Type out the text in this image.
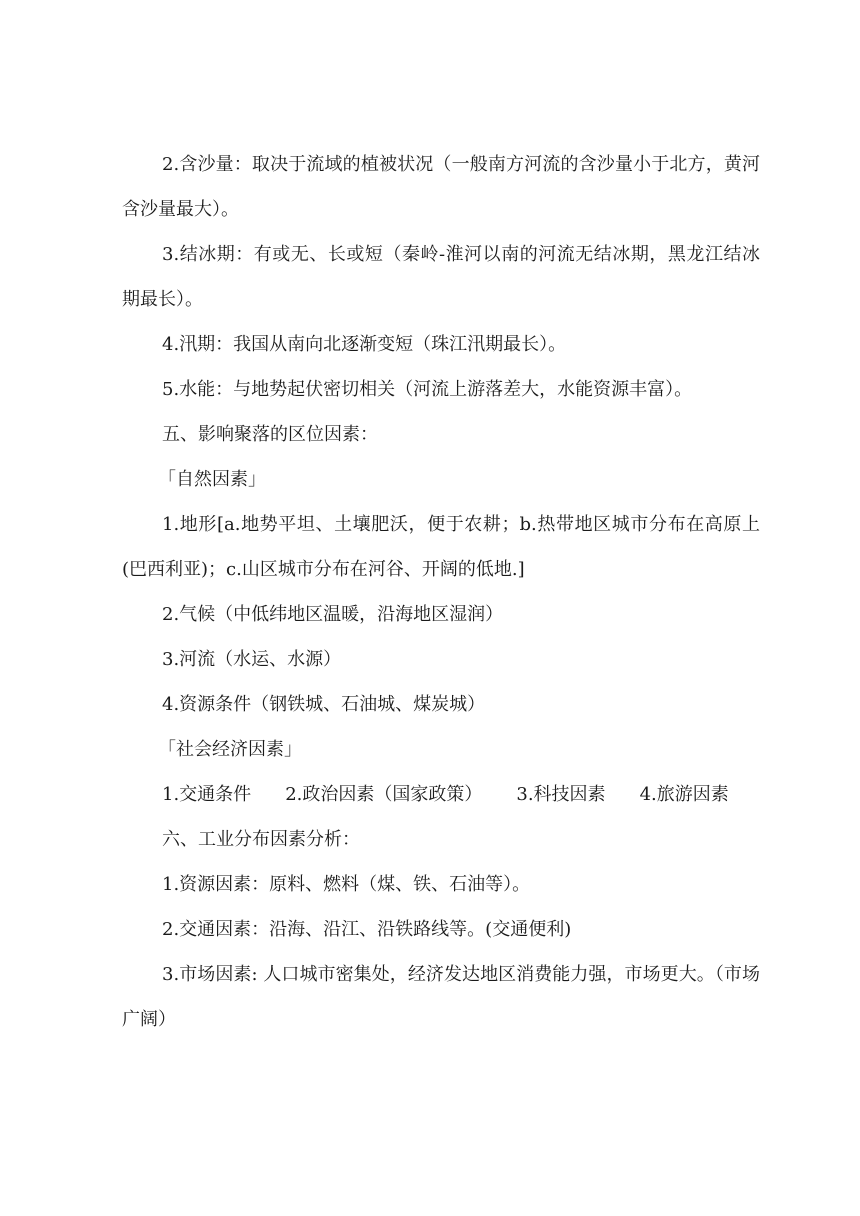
2.含沙量：取决于流域的植被状况（一般南方河流的含沙量小于北方，黄河含沙量最大）。

3.结冰期：有或无、长或短（秦岭-淮河以南的河流无结冰期，黑龙江结冰期最长）。

4.汛期：我国从南向北逐渐变短（珠江汛期最长）。

5.水能：与地势起伏密切相关（河流上游落差大，水能资源丰富）。

五、影响聚落的区位因素：

「自然因素」

1.地形[a.地势平坦、土壤肥沃，便于农耕；b.热带地区城市分布在高原上(巴西利亚)；c.山区城市分布在河谷、开阔的低地.]

2.气候（中低纬地区温暖，沿海地区湿润）

3.河流（水运、水源）

4.资源条件（钢铁城、石油城、煤炭城）

「社会经济因素」

1.交通条件 2.政治因素（国家政策） 3.科技因素 4.旅游因素

六、工业分布因素分析：

1.资源因素：原料、燃料（煤、铁、石油等）。

2.交通因素：沿海、沿江、沿铁路线等。(交通便利)

3.市场因素: 人口城市密集处，经济发达地区消费能力强，市场更大。（市场广阔）
